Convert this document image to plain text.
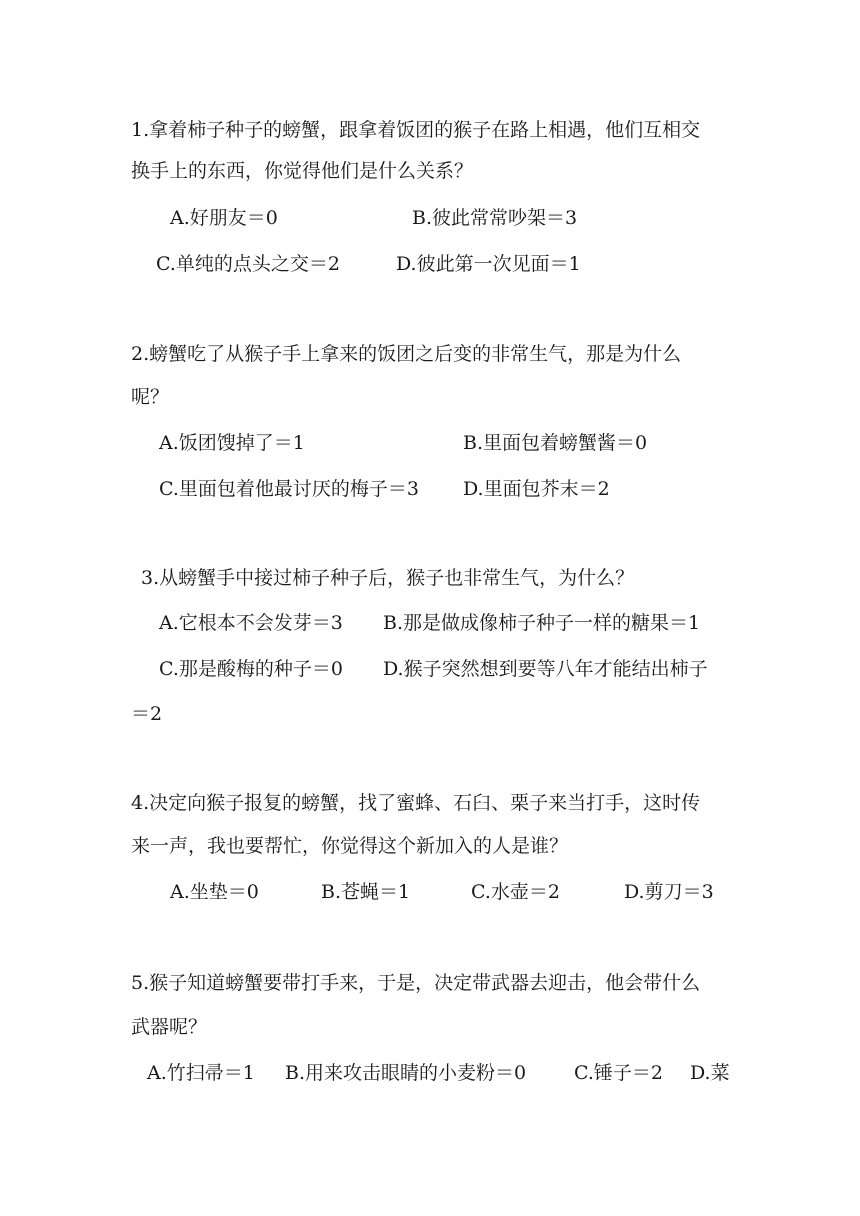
1.拿着柿子种子的螃蟹，跟拿着饭团的猴子在路上相遇，他们互相交
换手上的东西，你觉得他们是什么关系？
A.好朋友＝0	B.彼此常常吵架＝3
C.单纯的点头之交＝2	D.彼此第一次见面＝1
2.螃蟹吃了从猴子手上拿来的饭团之后变的非常生气，那是为什么
呢？
A.饭团馊掉了＝1	B.里面包着螃蟹酱＝0
C.里面包着他最讨厌的梅子＝3 D.里面包芥末＝2
3.从螃蟹手中接过柿子种子后，猴子也非常生气，为什么？
A.它根本不会发芽＝3 B.那是做成像柿子种子一样的糖果＝1
C.那是酸梅的种子＝0 D.猴子突然想到要等八年才能结出柿子
＝2
4.决定向猴子报复的螃蟹，找了蜜蜂、石臼、栗子来当打手，这时传
来一声，我也要帮忙，你觉得这个新加入的人是谁？
A.坐垫＝0	B.苍蝇＝1	C.水壶＝2	D.剪刀＝3
5.猴子知道螃蟹要带打手来，于是，决定带武器去迎击，他会带什么
武器呢？
A.竹扫帚＝1 B.用来攻击眼睛的小麦粉＝0	C.锤子＝2 D.菜
